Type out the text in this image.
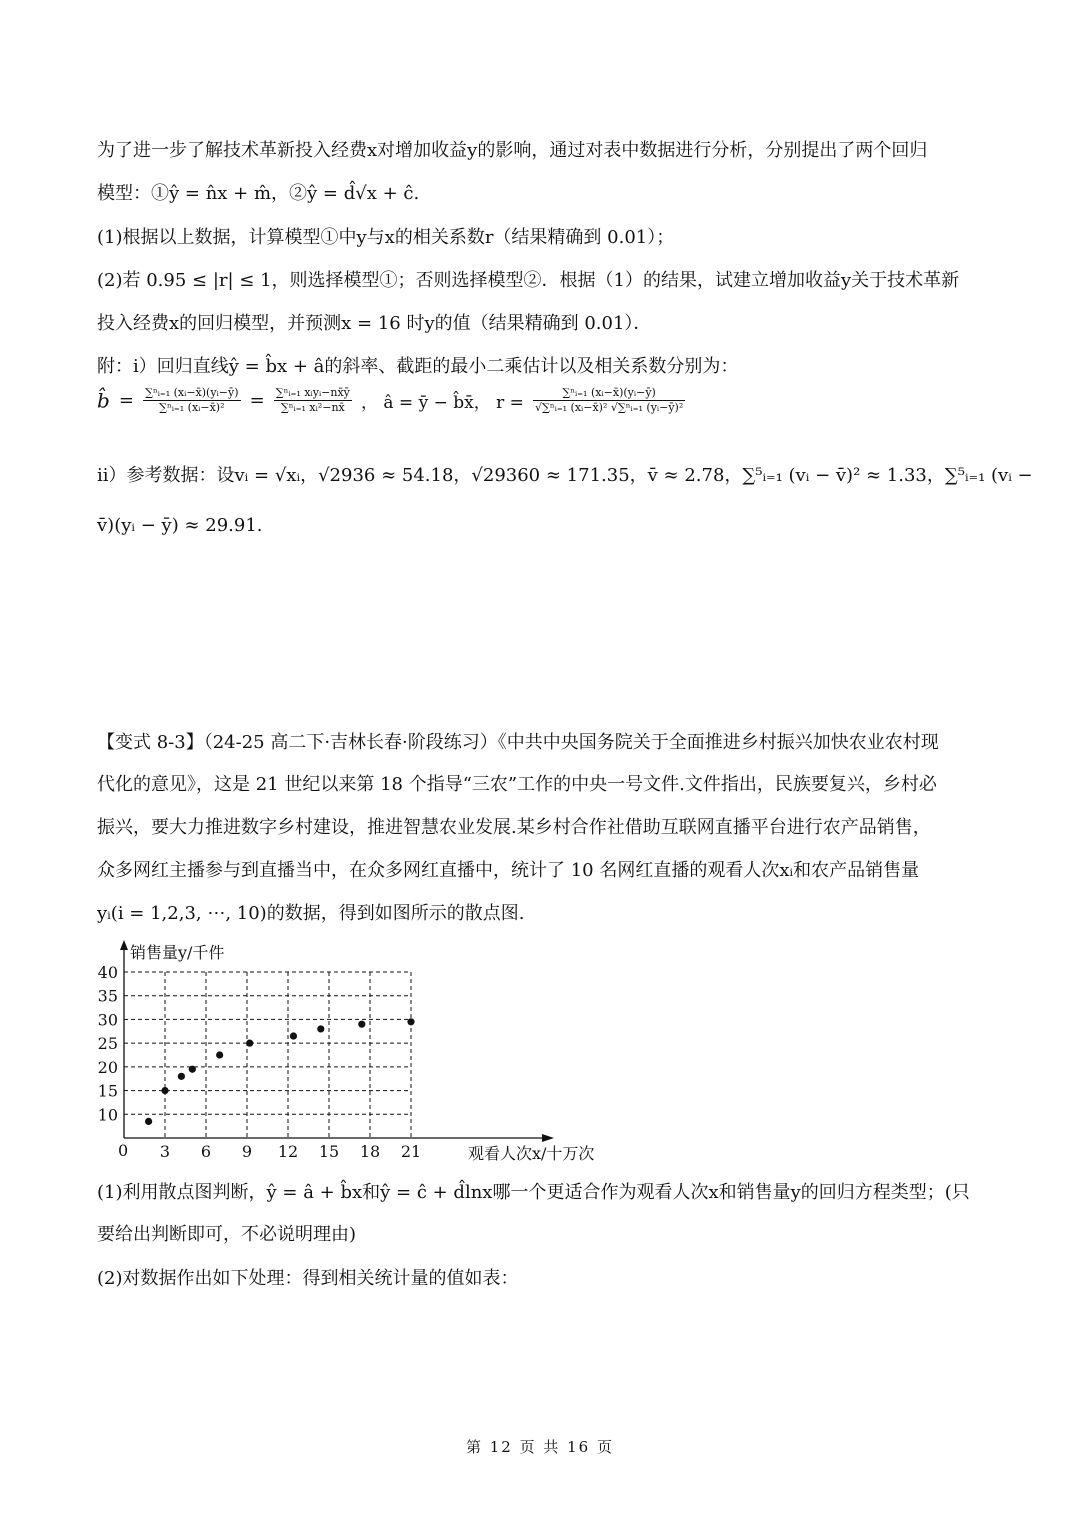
为了进一步了解技术革新投入经费x对增加收益y的影响，通过对表中数据进行分析，分别提出了两个回归
模型：①ŷ = n̂x + m̂，②ŷ = d̂√x + ĉ.
(1)根据以上数据，计算模型①中y与x的相关系数r（结果精确到 0.01）；
(2)若 0.95 ≤ |r| ≤ 1，则选择模型①；否则选择模型②．根据（1）的结果，试建立增加收益y关于技术革新
投入经费x的回归模型，并预测x = 16 时y的值（结果精确到 0.01）．
附：i）回归直线ŷ = b̂x + â的斜率、截距的最小二乘估计以及相关系数分别为：
b̂ = $\frac{\text{∑ⁿᵢ₌₁ (xᵢ−x̄)(yᵢ−ȳ)}}{\text{∑ⁿᵢ₌₁ (xᵢ−x̄)²}} = \frac{\text{∑ⁿᵢ₌₁ xᵢyᵢ−nx̄ȳ}}{\text{∑ⁿᵢ₌₁ xᵢ²−nx̄}}$ ， â = ȳ − b̂x̄， $r = \frac{\text{∑ⁿᵢ₌₁ (xᵢ−x̄)(yᵢ−ȳ)}}{\text{√∑ⁿᵢ₌₁ (xᵢ−x̄)² √∑ⁿᵢ₌₁ (yᵢ−ȳ)²}}$
ii）参考数据：设vᵢ = √xᵢ，√2936 ≈ 54.18，√29360 ≈ 171.35，v̄ ≈ 2.78，∑⁵ᵢ₌₁ (vᵢ − v̄)² ≈ 1.33，∑⁵ᵢ₌₁ (vᵢ −
v̄)(yᵢ − ȳ) ≈ 29.91.
【变式 8-3】（24-25 高二下·吉林长春·阶段练习）《中共中央国务院关于全面推进乡村振兴加快农业农村现
代化的意见》，这是 21 世纪以来第 18 个指导“三农”工作的中央一号文件.文件指出，民族要复兴，乡村必
振兴，要大力推进数字乡村建设，推进智慧农业发展.某乡村合作社借助互联网直播平台进行农产品销售，
众多网红主播参与到直播当中，在众多网红直播中，统计了 10 名网红直播的观看人次xᵢ和农产品销售量
yᵢ(i = 1,2,3, ⋯, 10)的数据，得到如图所示的散点图.
10
15
20
25
30
35
40
3 6 9 12 15 18 21
销售量y/千件
观看人次x/十万次
0
(1)利用散点图判断，ŷ = â + b̂x和ŷ = ĉ + d̂lnx哪一个更适合作为观看人次x和销售量y的回归方程类型；(只
要给出判断即可，不必说明理由)
(2)对数据作出如下处理：得到相关统计量的值如表：
第 12 页 共 16 页
